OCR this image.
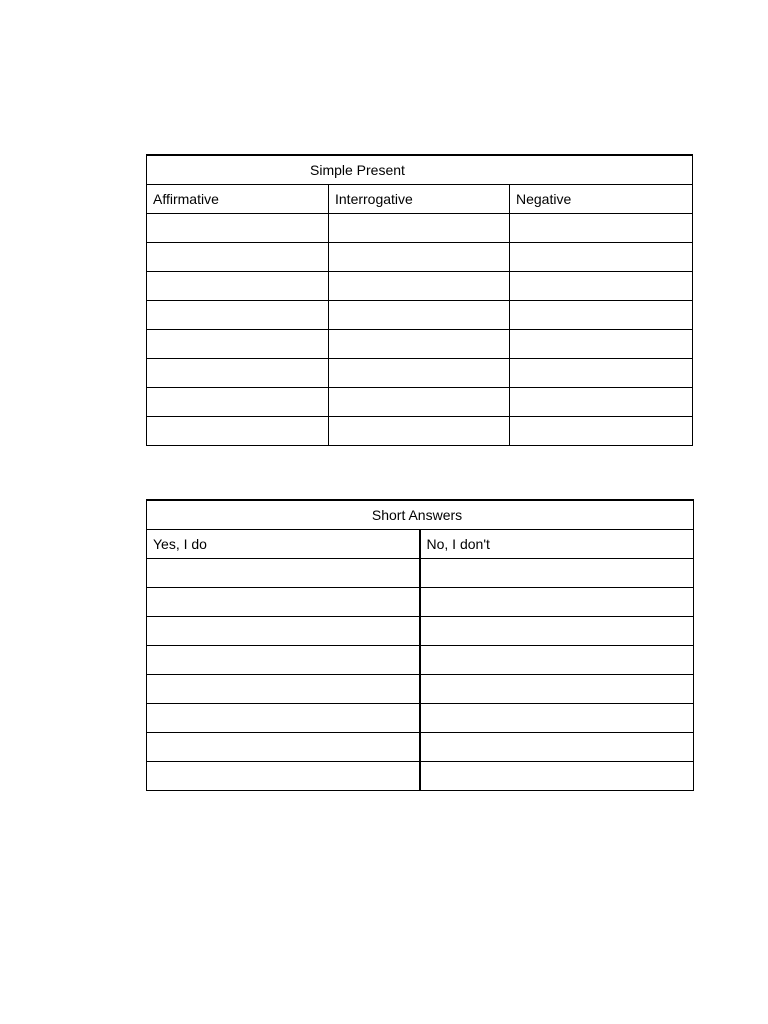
Simple Present		
Affirmative	Interrogative	Negative

Short Answers	
Yes, I do	No, I don't
